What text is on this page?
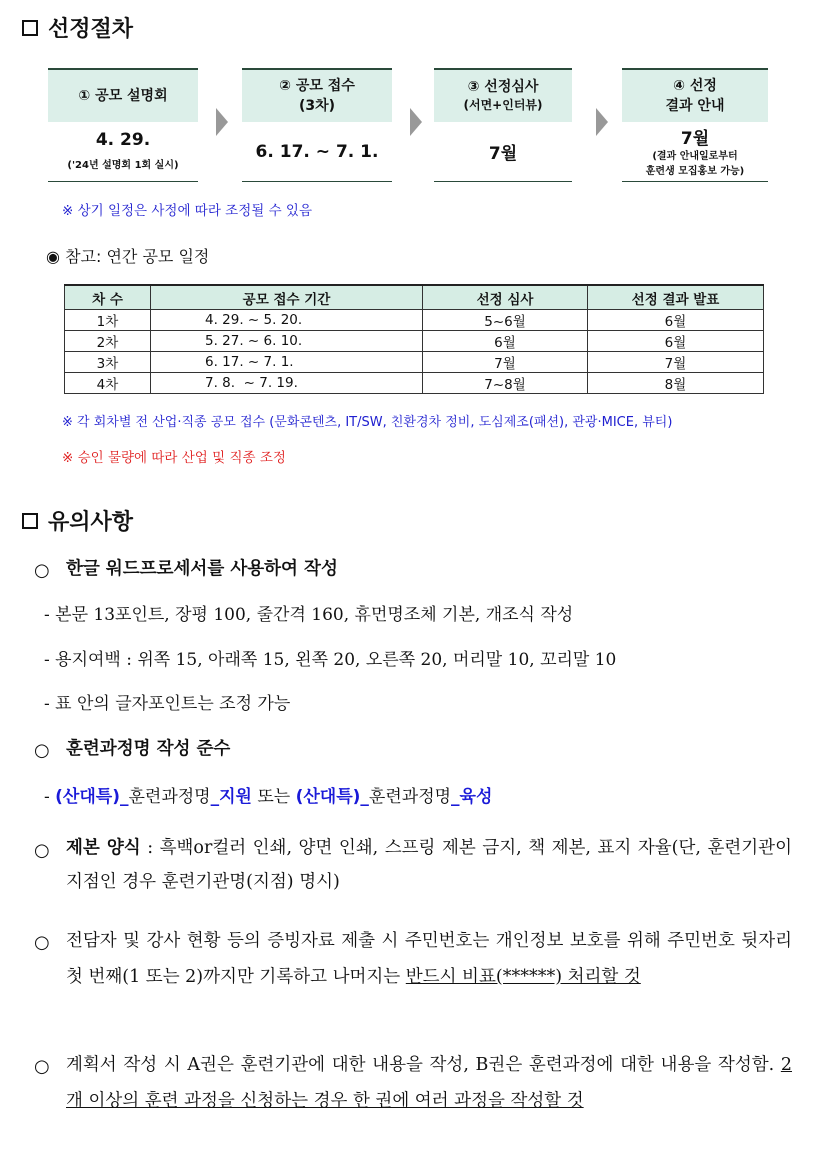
선정절차
① 공모 설명회
4. 29.
('24년 설명회 1회 실시)
② 공모 접수
(3차)
6. 17. ~ 7. 1.
③ 선정심사
(서면+인터뷰)
7월
④ 선정
결과 안내
7월
(결과 안내일로부터
훈련생 모집홍보 가능)
※ 상기 일정은 사정에 따라 조정될 수 있음
◉ 참고: 연간 공모 일정
차 수	공모 접수 기간	선정 심사	선정 결과 발표
1차	4. 29. ~ 5. 20.	5~6월	6월
2차	5. 27. ~ 6. 10.	6월	6월
3차	6. 17. ~ 7. 1.	7월	7월
4차	7. 8.  ~ 7. 19.	7~8월	8월
※ 각 회차별 전 산업·직종 공모 접수 (문화콘텐츠, IT/SW, 친환경차 정비, 도심제조(패션), 관광·MICE, 뷰티)
※ 승인 물량에 따라 산업 및 직종 조정
유의사항
○ 한글 워드프로세서를 사용하여 작성
- 본문 13포인트, 장평 100, 줄간격 160, 휴먼명조체 기본, 개조식 작성
- 용지여백 : 위쪽 15, 아래쪽 15, 왼쪽 20, 오른쪽 20, 머리말 10, 꼬리말 10
- 표 안의 글자포인트는 조정 가능
○ 훈련과정명 작성 준수
- (산대특)_훈련과정명_지원 또는 (산대특)_훈련과정명_육성
○ 제본 양식 : 흑백or컬러 인쇄, 양면 인쇄, 스프링 제본 금지, 책 제본, 표지 자율(단, 훈련기관이 지점인 경우 훈련기관명(지점) 명시)
○ 전담자 및 강사 현황 등의 증빙자료 제출 시 주민번호는 개인정보 보호를 위해 주민번호 뒷자리 첫 번째(1 또는 2)까지만 기록하고 나머지는 반드시 비표(******) 처리할 것
○ 계획서 작성 시 A권은 훈련기관에 대한 내용을 작성, B권은 훈련과정에 대한 내용을 작성함. 2개 이상의 훈련 과정을 신청하는 경우 한 권에 여러 과정을 작성할 것
